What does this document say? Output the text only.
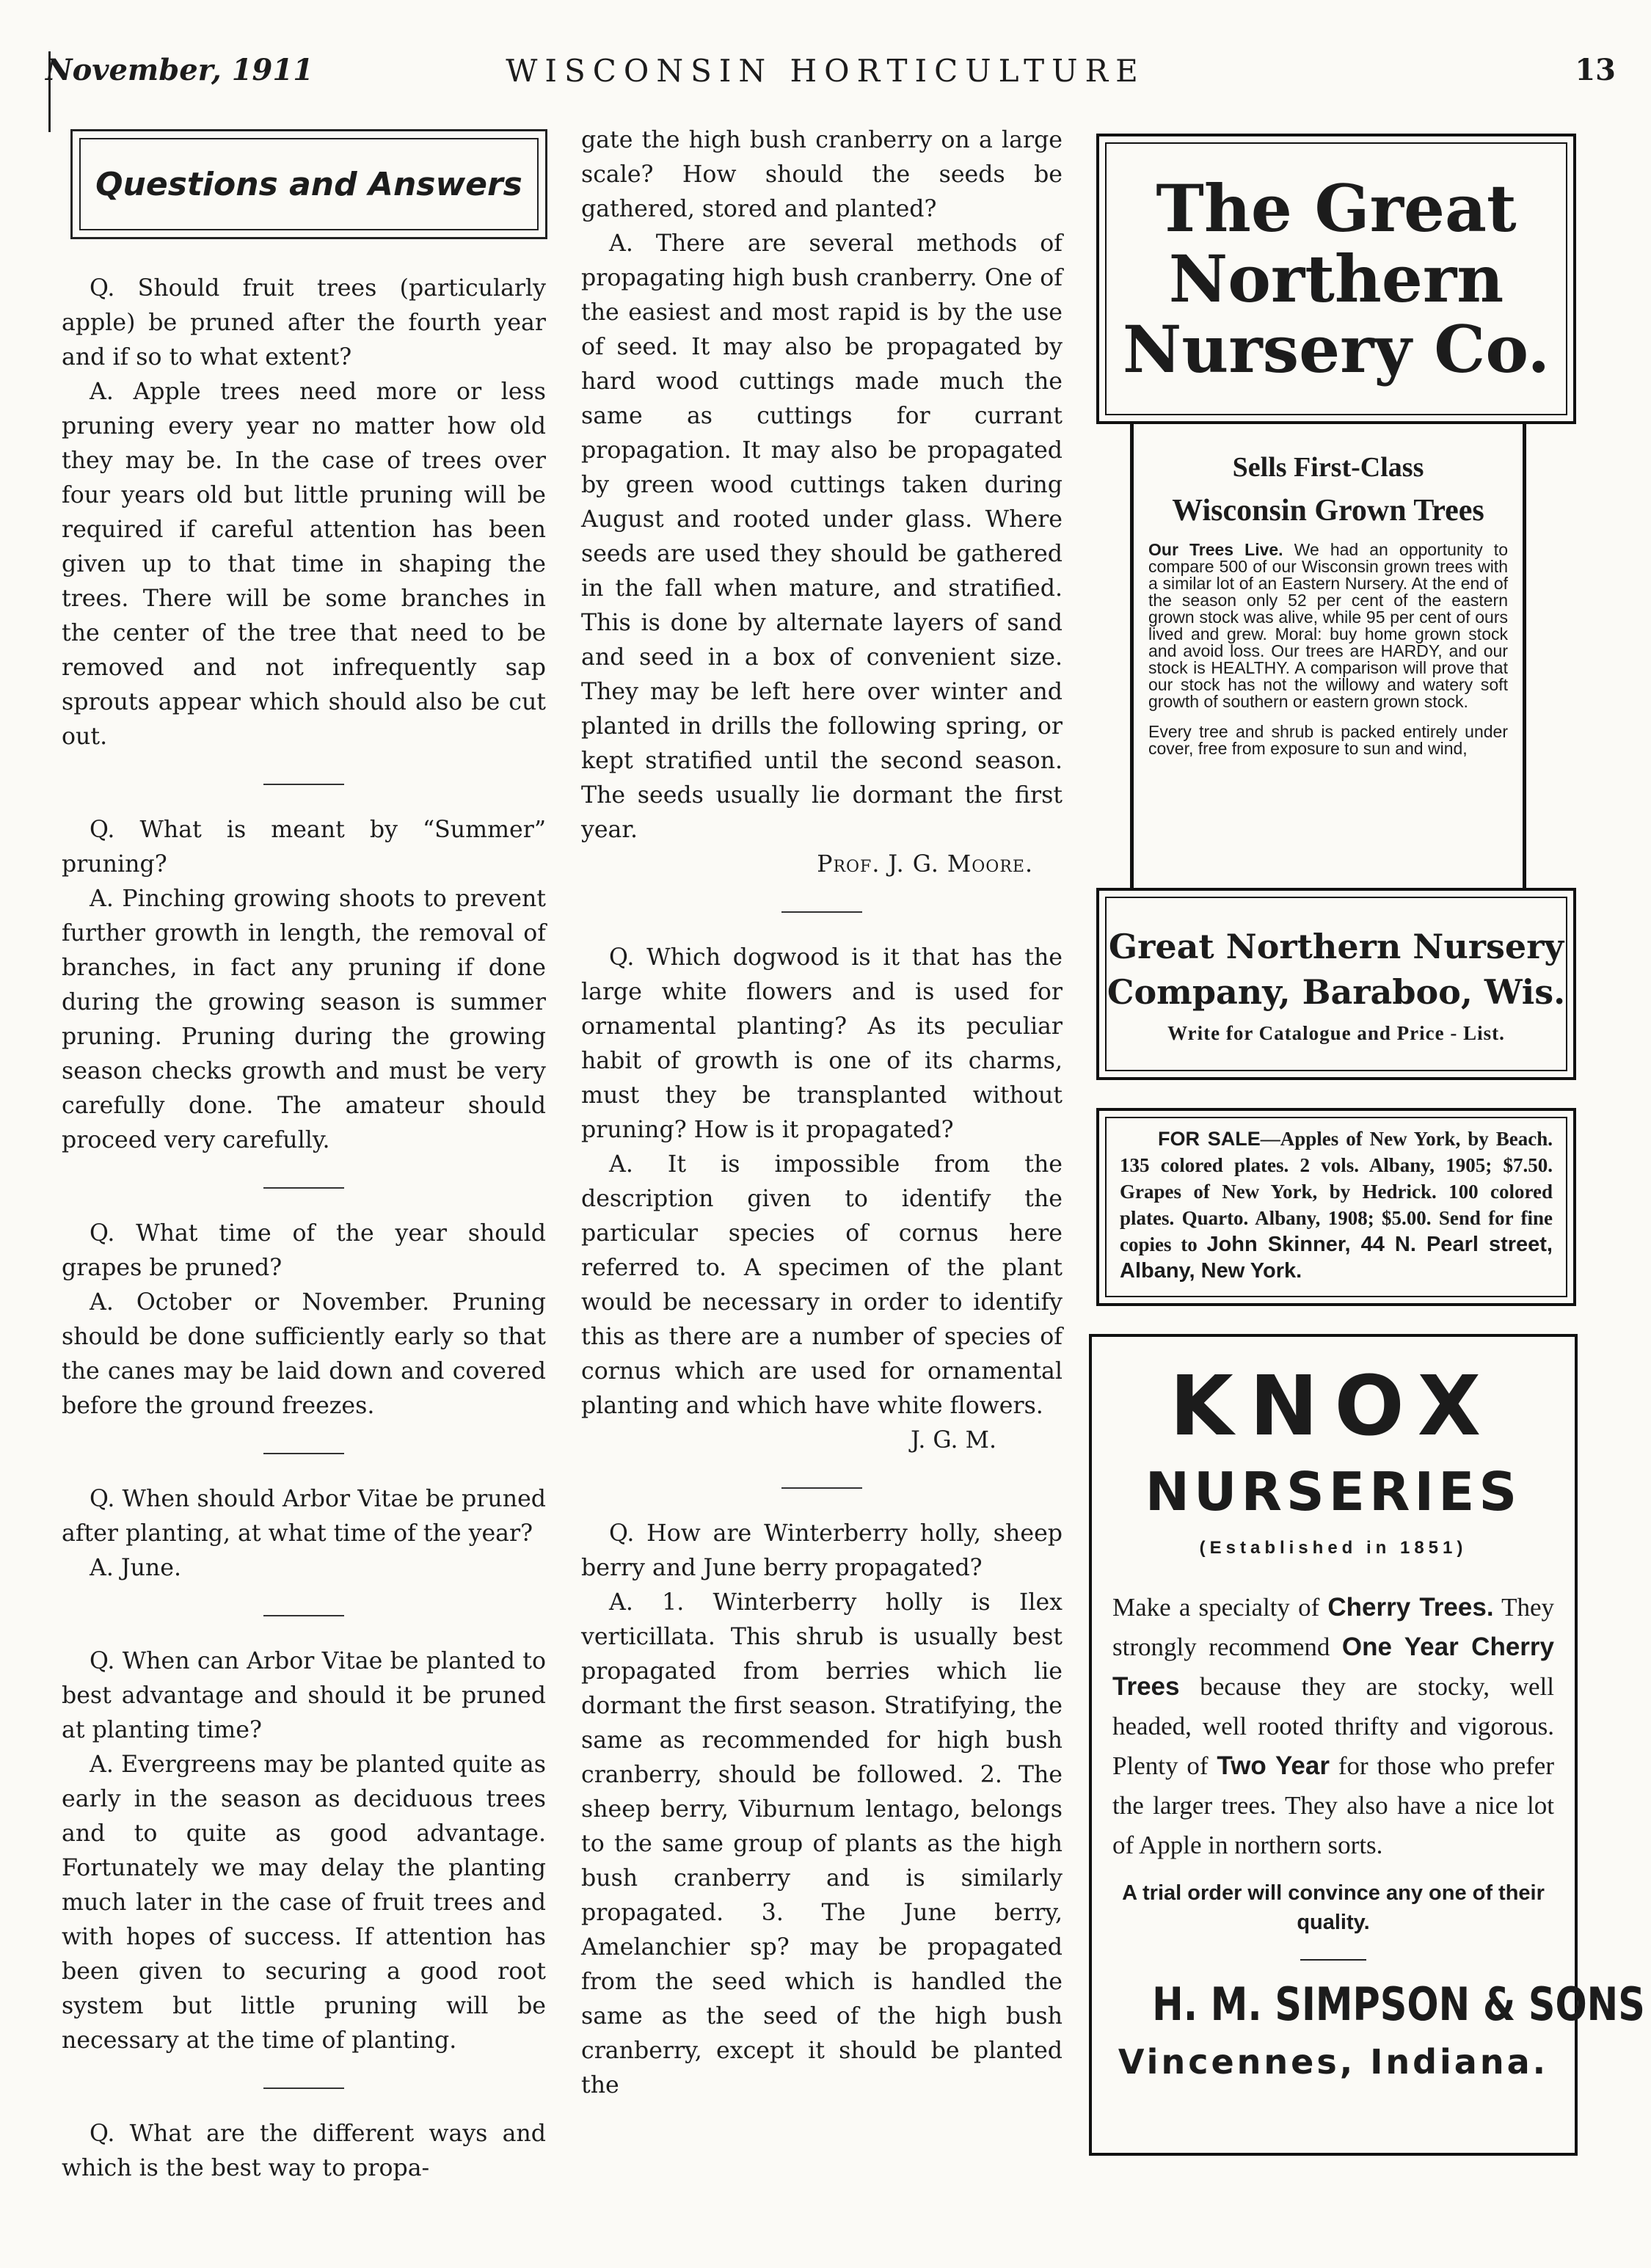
November, 1911	WISCONSIN HORTICULTURE	13
Questions and Answers

Q. Should fruit trees (particularly apple) be pruned after the fourth year and if so to what extent?

A. Apple trees need more or less pruning every year no matter how old they may be. In the case of trees over four years old but little pruning will be required if careful attention has been given up to that time in shaping the trees. There will be some branches in the center of the tree that need to be removed and not infrequently sap sprouts appear which should also be cut out.

Q. What is meant by “Summer” pruning?

A. Pinching growing shoots to prevent further growth in length, the removal of branches, in fact any pruning if done during the growing season is summer pruning. Pruning during the growing season checks growth and must be very carefully done. The amateur should proceed very carefully.

Q. What time of the year should grapes be pruned?

A. October or November. Pruning should be done sufficiently early so that the canes may be laid down and covered before the ground freezes.

Q. When should Arbor Vitae be pruned after planting, at what time of the year?

A. June.

Q. When can Arbor Vitae be planted to best advantage and should it be pruned at planting time?

A. Evergreens may be planted quite as early in the season as deciduous trees and to quite as good advantage. Fortunately we may delay the planting much later in the case of fruit trees and with hopes of success. If attention has been given to securing a good root system but little pruning will be necessary at the time of planting.

Q. What are the different ways and which is the best way to propa-

gate the high bush cranberry on a large scale? How should the seeds be gathered, stored and planted?

A. There are several methods of propagating high bush cranberry. One of the easiest and most rapid is by the use of seed. It may also be propagated by hard wood cuttings made much the same as cuttings for currant propagation. It may also be propagated by green wood cuttings taken during August and rooted under glass. Where seeds are used they should be gathered in the fall when mature, and stratified. This is done by alternate layers of sand and seed in a box of convenient size. They may be left here over winter and planted in drills the following spring, or kept stratified until the second season. The seeds usually lie dormant the first year.

Prof. J. G. Moore.

Q. Which dogwood is it that has the large white flowers and is used for ornamental planting? As its peculiar habit of growth is one of its charms, must they be transplanted without pruning? How is it propagated?

A. It is impossible from the description given to identify the particular species of cornus here referred to. A specimen of the plant would be necessary in order to identify this as there are a number of species of cornus which are used for ornamental planting and which have white flowers.

J. G. M.

Q. How are Winterberry holly, sheep berry and June berry propagated?

A. 1. Winterberry holly is Ilex verticillata. This shrub is usually best propagated from berries which lie dormant the first season. Stratifying, the same as recommended for high bush cranberry, should be followed. 2. The sheep berry, Viburnum lentago, belongs to the same group of plants as the high bush cranberry and is similarly propagated. 3. The June berry, Amelanchier sp? may be propagated from the seed which is handled the same as the seed of the high bush cranberry, except it should be planted the

The Great
Northern
Nursery Co.
Sells First-Class
Wisconsin Grown Trees
Our Trees Live. We had an opportunity to compare 500 of our Wisconsin grown trees with a similar lot of an Eastern Nursery. At the end of the season only 52 per cent of the eastern grown stock was alive, while 95 per cent of ours lived and grew. Moral: buy home grown stock and avoid loss. Our trees are HARDY, and our stock is HEALTHY. A comparison will prove that our stock has not the willowy and watery soft growth of southern or eastern grown stock.
Every tree and shrub is packed entirely under cover, free from exposure to sun and wind,
Great Northern Nursery
Company, Baraboo, Wis.
Write for Catalogue and Price - List.
FOR SALE—Apples of New York, by Beach. 135 colored plates. 2 vols. Albany, 1905; $7.50. Grapes of New York, by Hedrick. 100 colored plates. Quarto. Albany, 1908; $5.00. Send for fine copies to John Skinner, 44 N. Pearl street, Albany, New York.
KNOX
NURSERIES
(Established in 1851)
Make a specialty of Cherry Trees. They strongly recommend One Year Cherry Trees because they are stocky, well headed, well rooted thrifty and vigorous. Plenty of Two Year for those who prefer the larger trees. They also have a nice lot of Apple in northern sorts.
A trial order will convince any one of their quality.
H. M. SIMPSON & SONS
Vincennes, Indiana.
